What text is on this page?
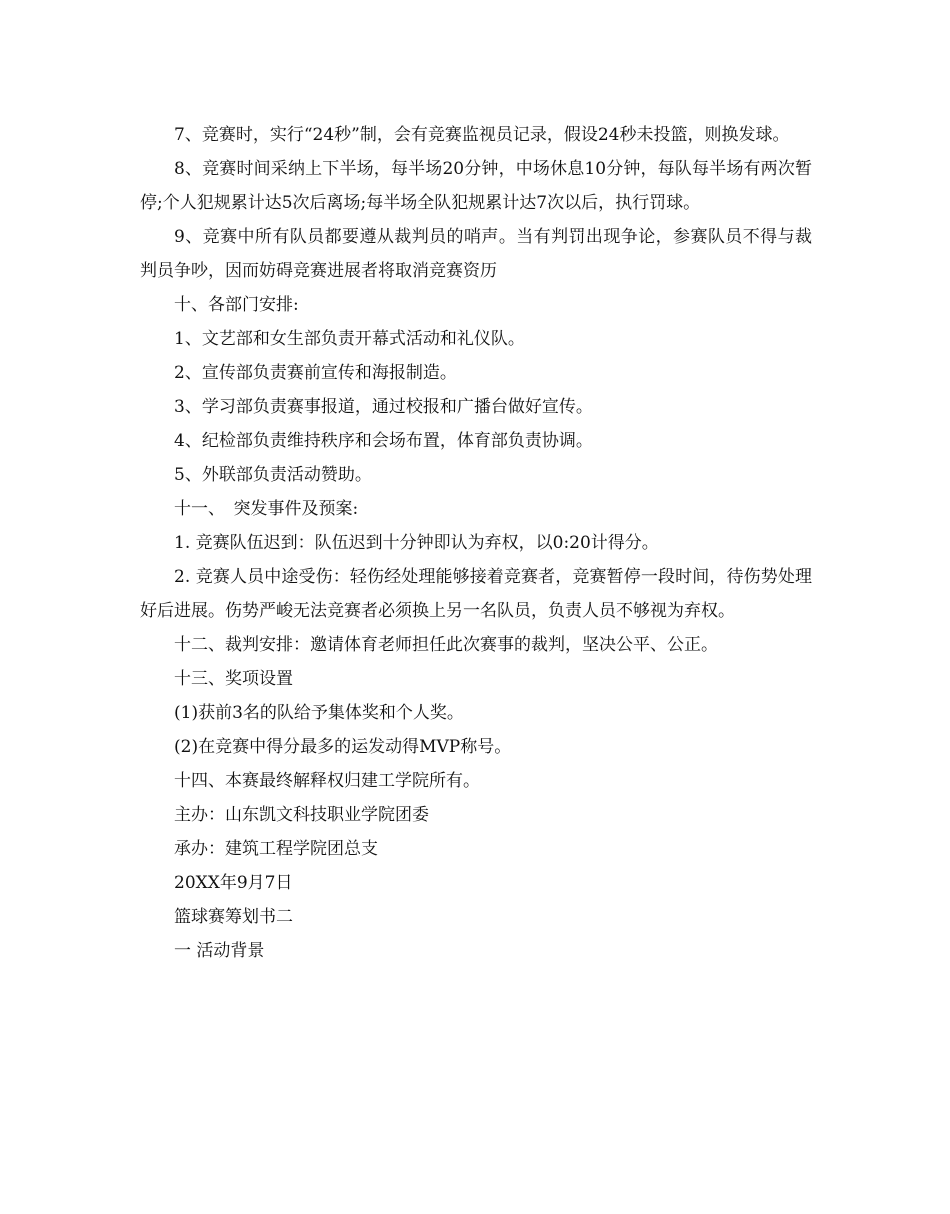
7、竞赛时，实行“24秒”制，会有竞赛监视员记录，假设24秒未投篮，则换发球。

8、竞赛时间采纳上下半场，每半场20分钟，中场休息10分钟，每队每半场有两次暂停;个人犯规累计达5次后离场;每半场全队犯规累计达7次以后，执行罚球。

9、竞赛中所有队员都要遵从裁判员的哨声。当有判罚出现争论，参赛队员不得与裁判员争吵，因而妨碍竞赛进展者将取消竞赛资历

十、各部门安排:

1、文艺部和女生部负责开幕式活动和礼仪队。

2、宣传部负责赛前宣传和海报制造。

3、学习部负责赛事报道，通过校报和广播台做好宣传。

4、纪检部负责维持秩序和会场布置，体育部负责协调。

5、外联部负责活动赞助。

十一、　突发事件及预案:

1. 竞赛队伍迟到：队伍迟到十分钟即认为弃权，以0:20计得分。

2. 竞赛人员中途受伤：轻伤经处理能够接着竞赛者，竞赛暂停一段时间，待伤势处理好后进展。伤势严峻无法竞赛者必须换上另一名队员，负责人员不够视为弃权。

十二、裁判安排：邀请体育老师担任此次赛事的裁判，坚决公平、公正。

十三、奖项设置

(1)获前3名的队给予集体奖和个人奖。

(2)在竞赛中得分最多的运发动得MVP称号。

十四、本赛最终解释权归建工学院所有。

主办：山东凯文科技职业学院团委

承办：建筑工程学院团总支

20XX年9月7日

篮球赛筹划书二

一 活动背景
